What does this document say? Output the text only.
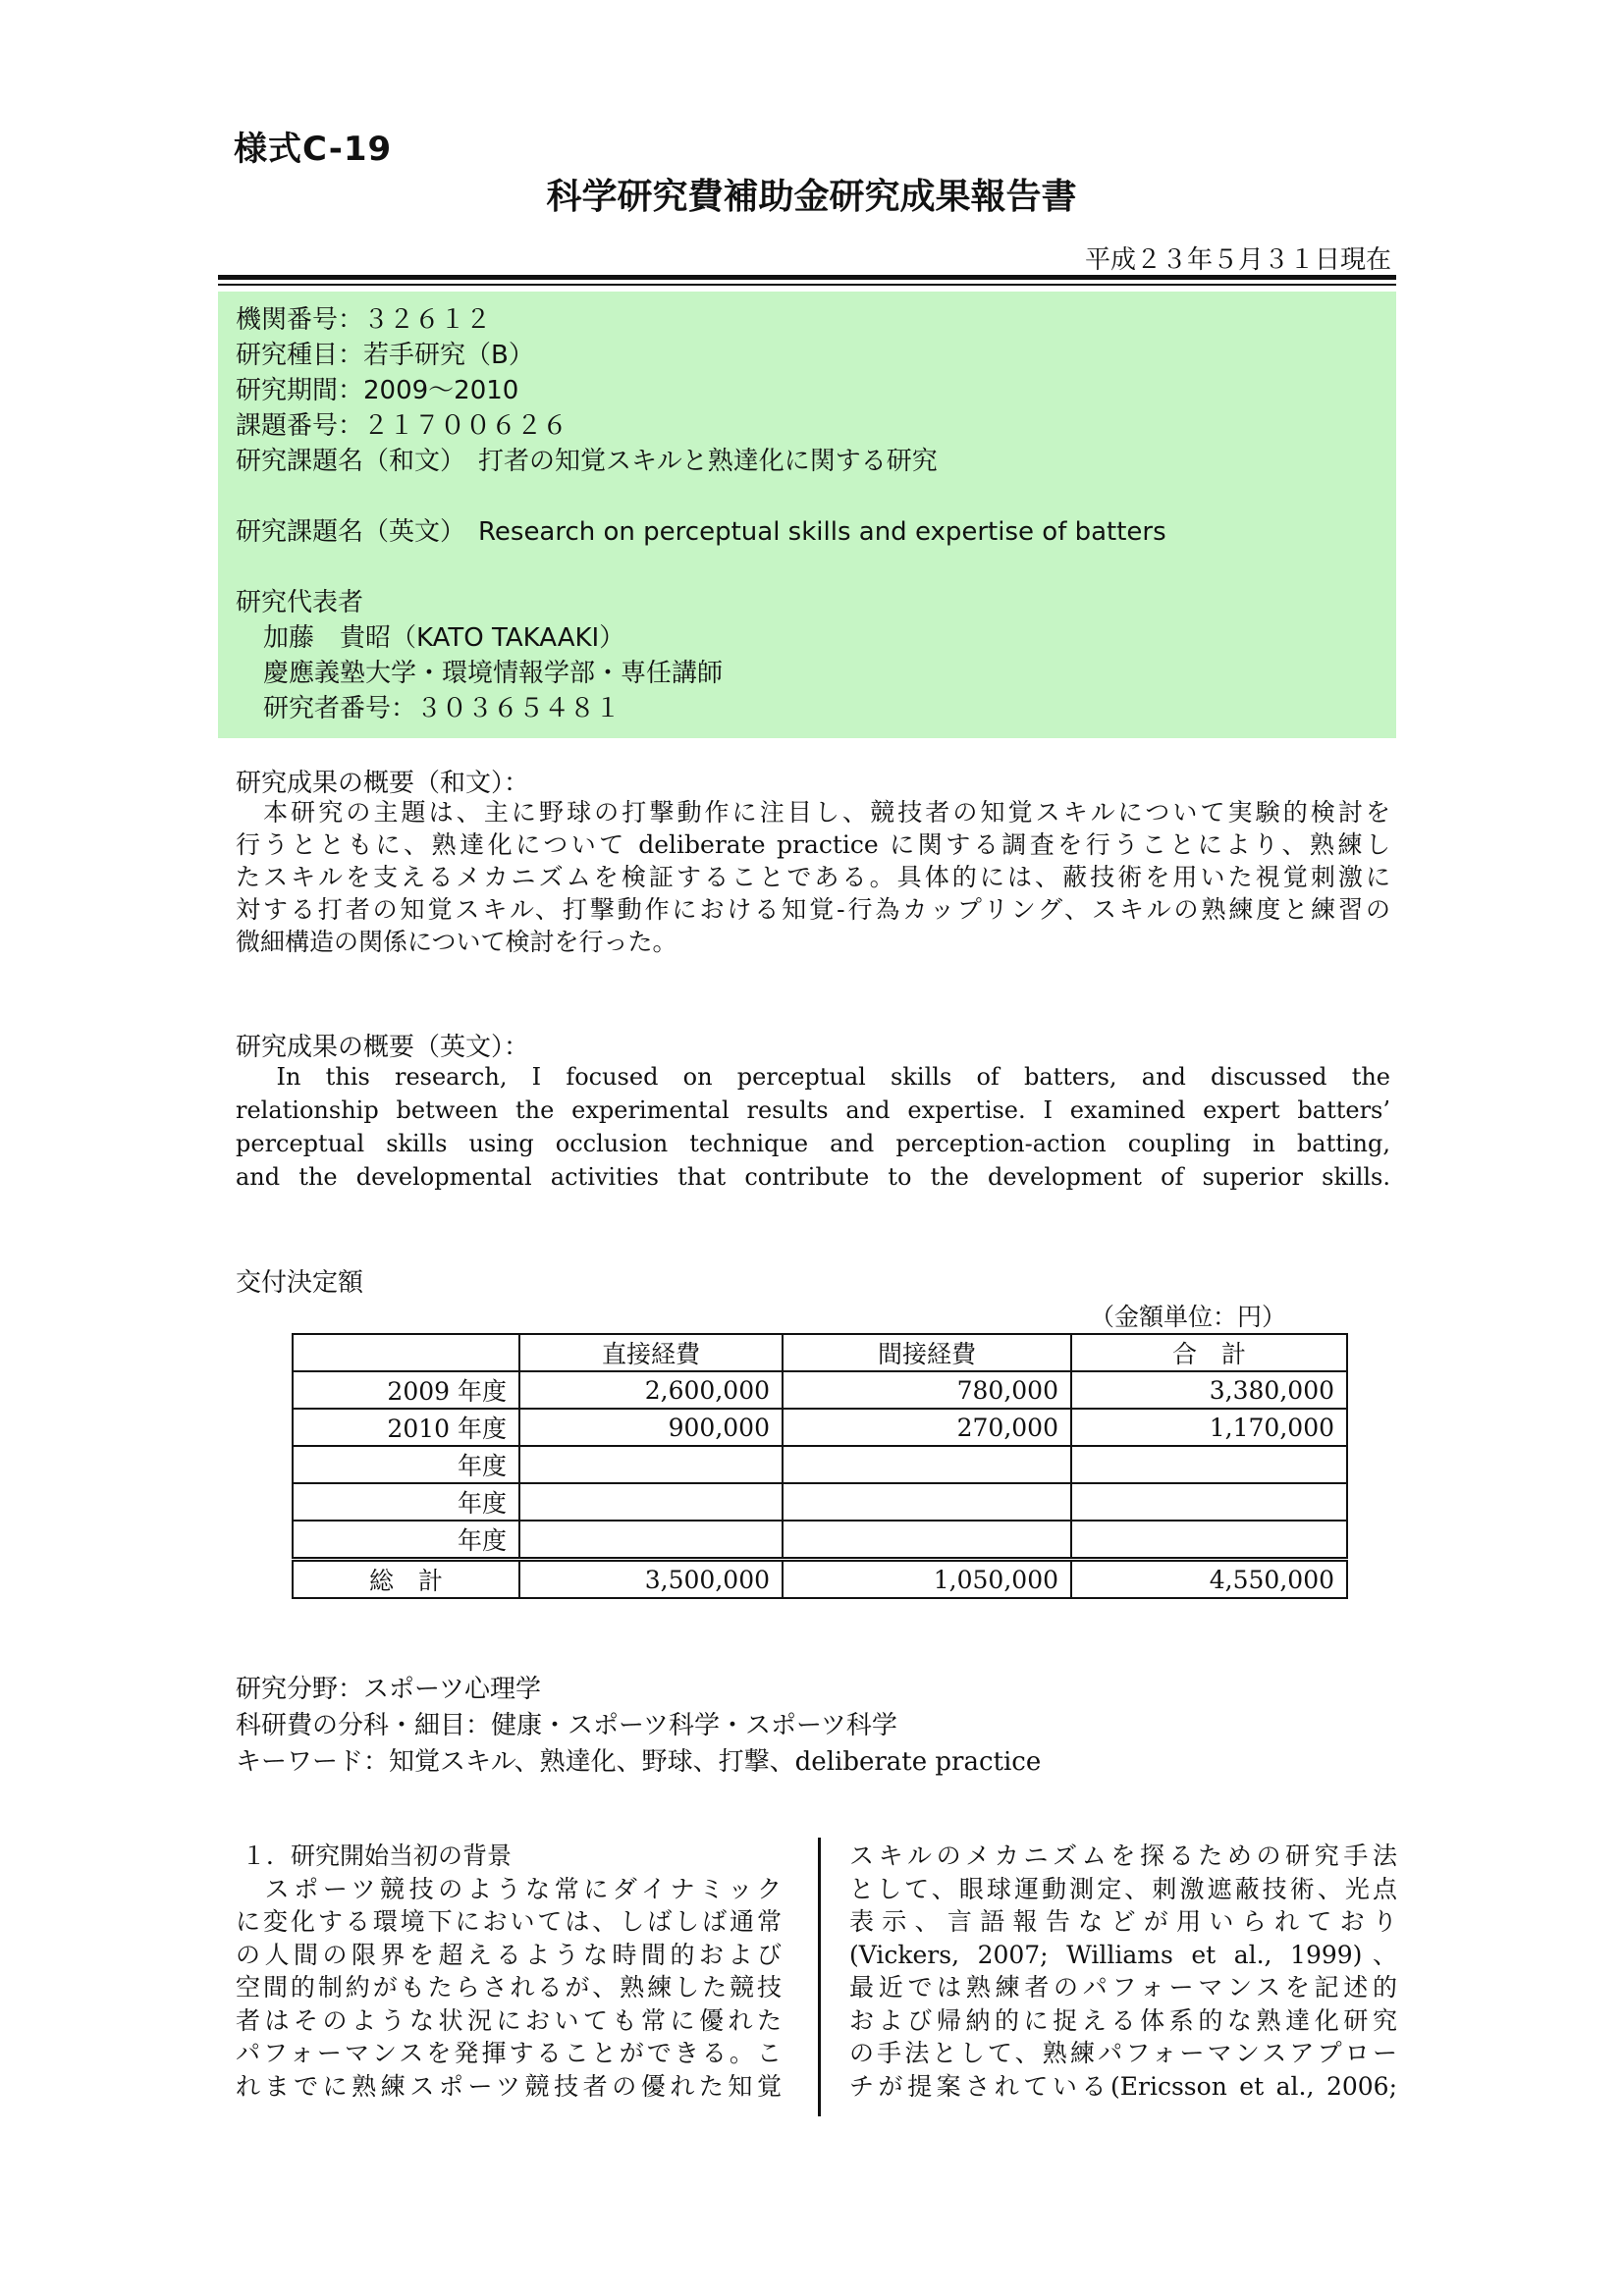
様式C-19
科学研究費補助金研究成果報告書
平成２３年５月３１日現在
機関番号：３２６１２
研究種目：若手研究（B）
研究期間：2009～2010
課題番号：２１７００６２６
研究課題名（和文）　打者の知覚スキルと熟達化に関する研究
研究課題名（英文）　Research on perceptual skills and expertise of batters
研究代表者
加藤　貴昭（KATO TAKAAKI）
慶應義塾大学・環境情報学部・専任講師
研究者番号：３０３６５４８１
研究成果の概要（和文）：
　本研究の主題は、主に野球の打撃動作に注目し、競技者の知覚スキルについて実験的検討を
行うとともに、熟達化について deliberate practice に関する調査を行うことにより、熟練し
たスキルを支えるメカニズムを検証することである。具体的には、蔽技術を用いた視覚刺激に
対する打者の知覚スキル、打撃動作における知覚-行為カップリング、スキルの熟練度と練習の
微細構造の関係について検討を行った。
研究成果の概要（英文）：
　In this research, I focused on perceptual skills of batters, and discussed the
relationship between the experimental results and expertise. I examined expert batters’
perceptual skills using occlusion technique and perception-action coupling in batting,
and the developmental activities that contribute to the development of superior skills.
交付決定額
（金額単位：円）
	直接経費	間接経費	合　計
2009 年度	2,600,000	780,000	3,380,000
2010 年度	900,000	270,000	1,170,000
年度			
年度			
年度			
総　計	3,500,000	1,050,000	4,550,000
研究分野：スポーツ心理学
科研費の分科・細目：健康・スポーツ科学・スポーツ科学
キーワード：知覚スキル、熟達化、野球、打撃、deliberate practice
１．研究開始当初の背景
　スポーツ競技のような常にダイナミック
に変化する環境下においては、しばしば通常
の人間の限界を超えるような時間的および
空間的制約がもたらされるが、熟練した競技
者はそのような状況においても常に優れた
パフォーマンスを発揮することができる。こ
れまでに熟練スポーツ競技者の優れた知覚
スキルのメカニズムを探るための研究手法
として、眼球運動測定、刺激遮蔽技術、光点
表示、言語報告などが用いられており
(Vickers, 2007; Williams et al., 1999)、
最近では熟練者のパフォーマンスを記述的
および帰納的に捉える体系的な熟達化研究
の手法として、熟練パフォーマンスアプロー
チが提案されている(Ericsson et al., 2006;
